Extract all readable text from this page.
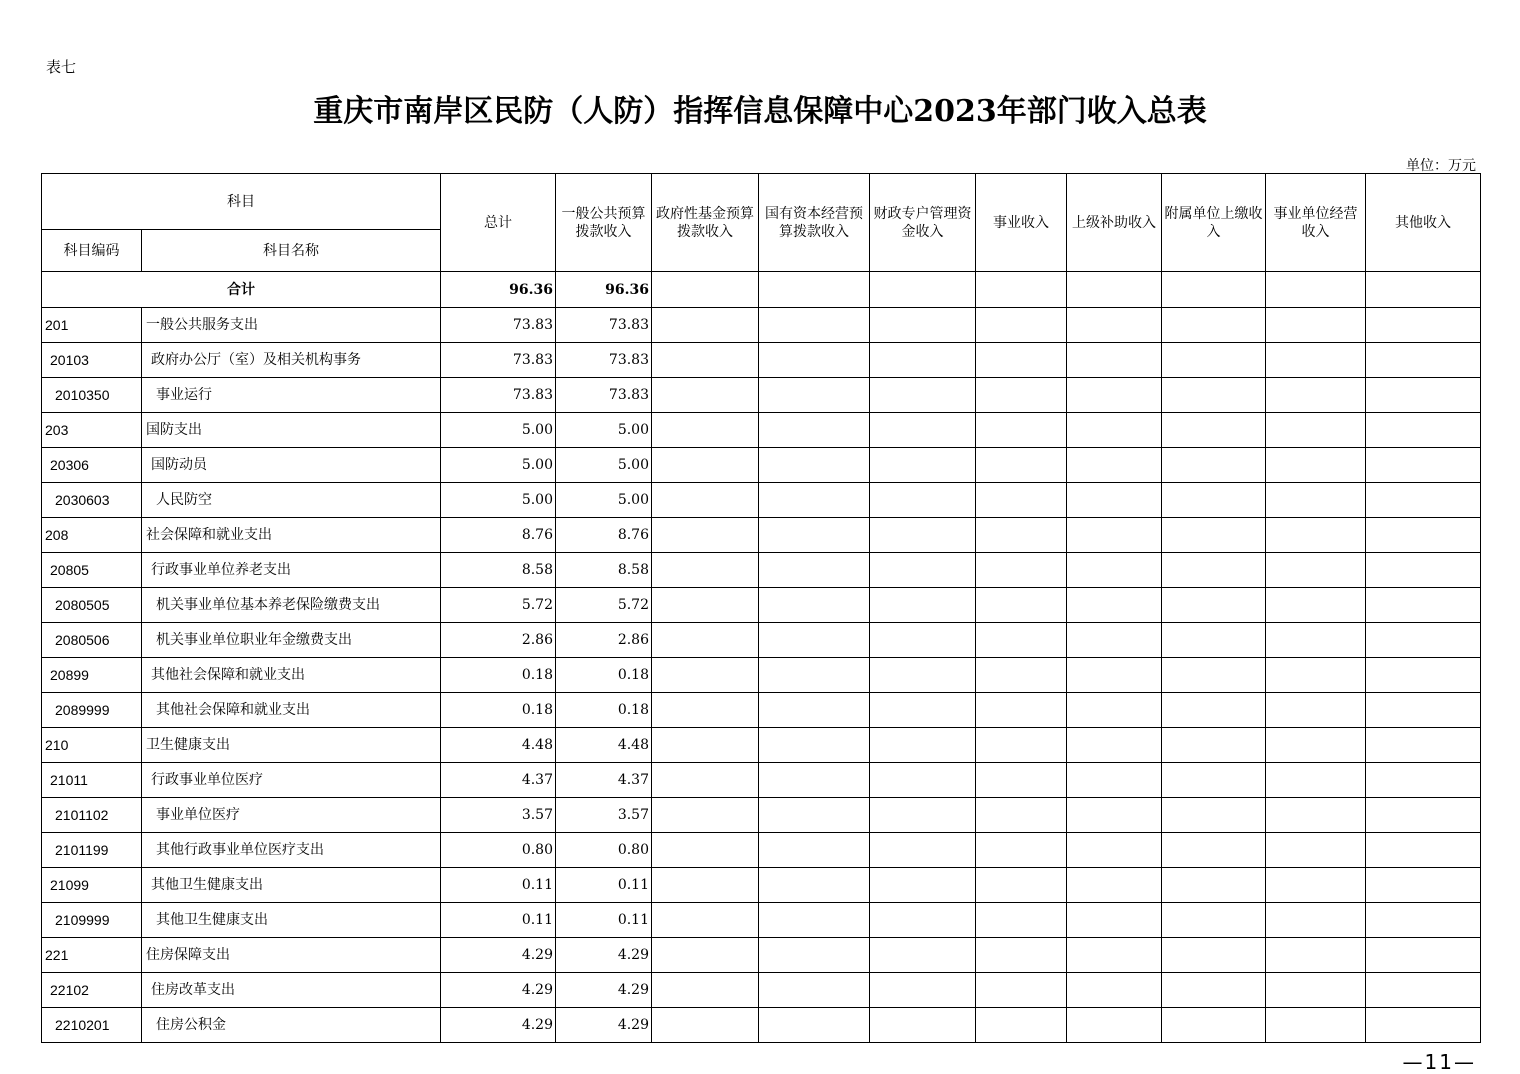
表七
重庆市南岸区民防（人防）指挥信息保障中心2023年部门收入总表
单位：万元
科目		总计	一般公共预算拨款收入	政府性基金预算拨款收入	国有资本经营预算拨款收入	财政专户管理资金收入	事业收入	上级补助收入	附属单位上缴收入	事业单位经营收入	其他收入
科目编码	科目名称										
合计		96.36	96.36								
201	一般公共服务支出	73.83	73.83								
20103	政府办公厅（室）及相关机构事务	73.83	73.83								
2010350	事业运行	73.83	73.83								
203	国防支出	5.00	5.00								
20306	国防动员	5.00	5.00								
2030603	人民防空	5.00	5.00								
208	社会保障和就业支出	8.76	8.76								
20805	行政事业单位养老支出	8.58	8.58								
2080505	机关事业单位基本养老保险缴费支出	5.72	5.72								
2080506	机关事业单位职业年金缴费支出	2.86	2.86								
20899	其他社会保障和就业支出	0.18	0.18								
2089999	其他社会保障和就业支出	0.18	0.18								
210	卫生健康支出	4.48	4.48								
21011	行政事业单位医疗	4.37	4.37								
2101102	事业单位医疗	3.57	3.57								
2101199	其他行政事业单位医疗支出	0.80	0.80								
21099	其他卫生健康支出	0.11	0.11								
2109999	其他卫生健康支出	0.11	0.11								
221	住房保障支出	4.29	4.29								
22102	住房改革支出	4.29	4.29								
2210201	住房公积金	4.29	4.29								
—11—
